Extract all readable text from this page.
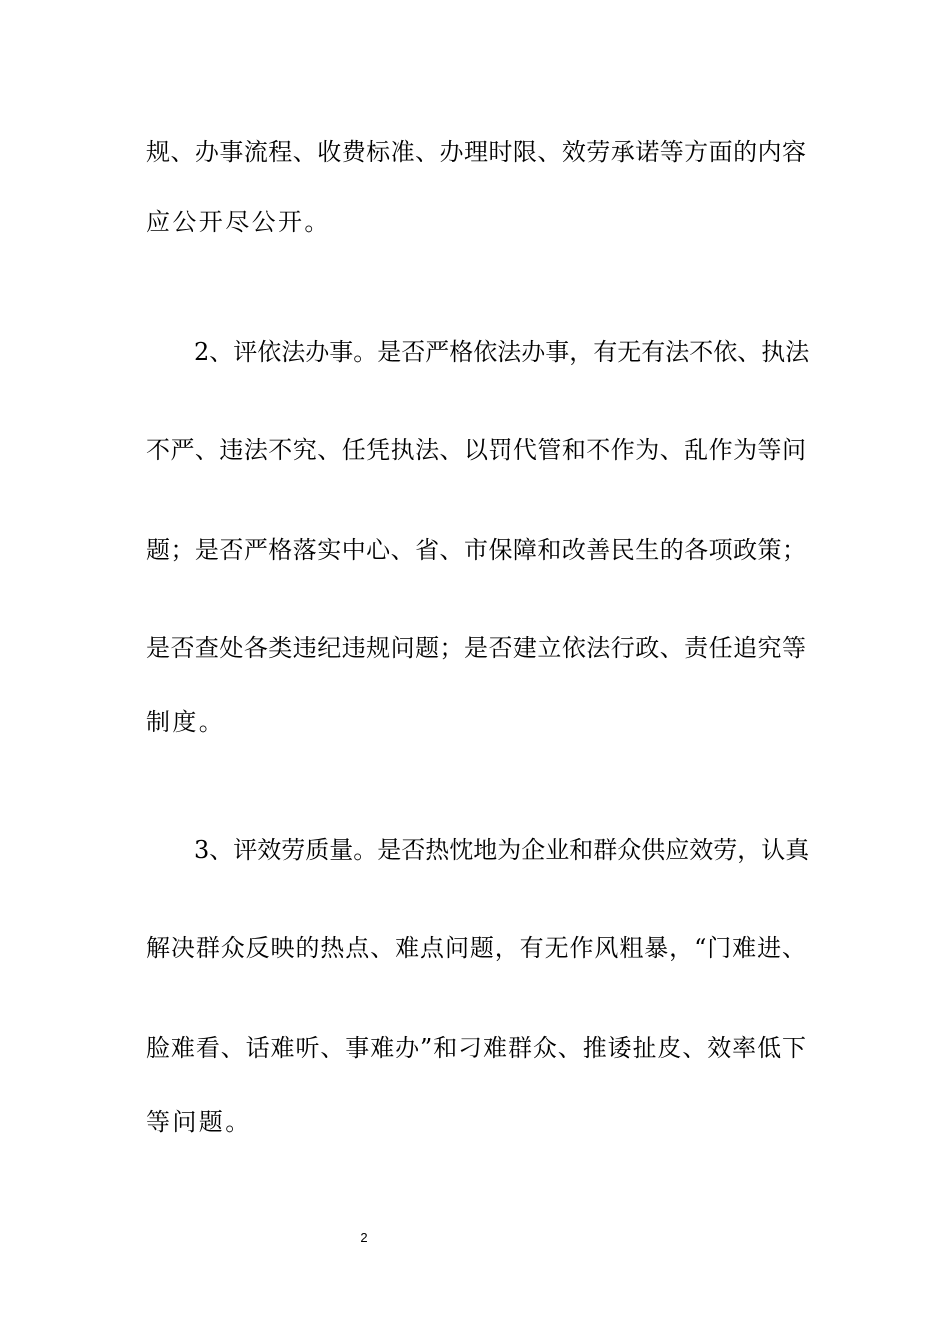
规、办事流程、收费标准、办理时限、效劳承诺等方面的内容
应公开尽公开。
2、评依法办事。是否严格依法办事，有无有法不依、执法
不严、违法不究、任凭执法、以罚代管和不作为、乱作为等问
题；是否严格落实中心、省、市保障和改善民生的各项政策；
是否查处各类违纪违规问题；是否建立依法行政、责任追究等
制度。
3、评效劳质量。是否热忱地为企业和群众供应效劳，认真
解决群众反映的热点、难点问题，有无作风粗暴，“门难进、
脸难看、话难听、事难办”和刁难群众、推诿扯皮、效率低下
等问题。
2
